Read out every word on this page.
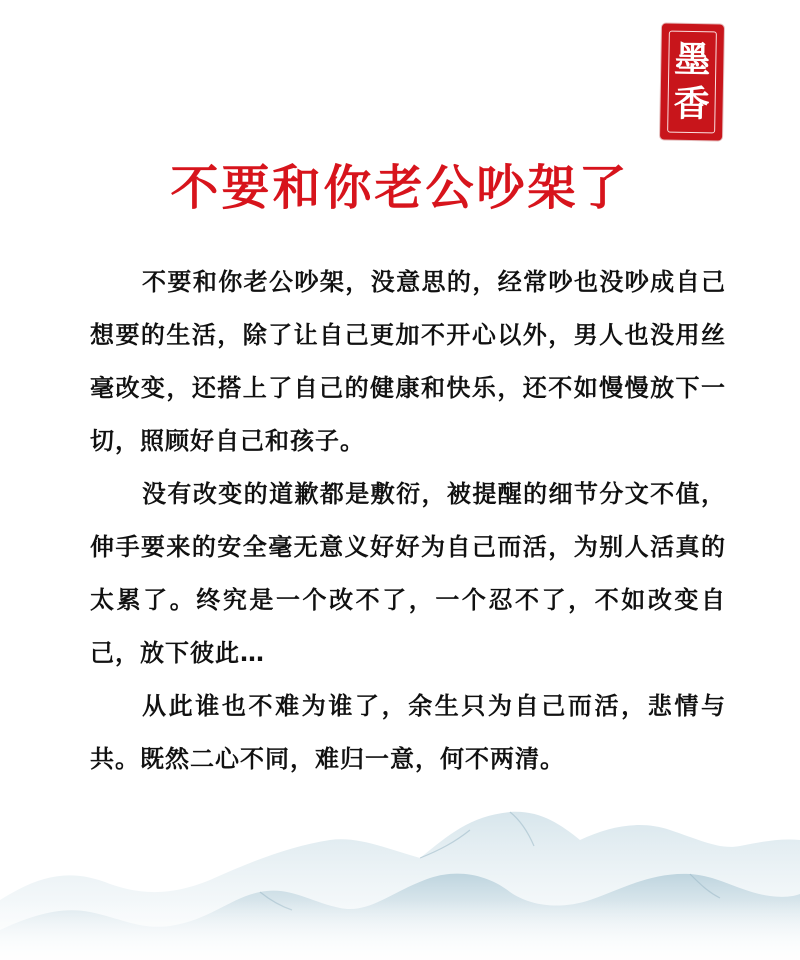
墨
香
不要和你老公吵架了

不要和你老公吵架，没意思的，经常吵也没吵成自己想要的生活，除了让自己更加不开心以外，男人也没用丝毫改变，还搭上了自己的健康和快乐，还不如慢慢放下一切，照顾好自己和孩子。

没有改变的道歉都是敷衍，被提醒的细节分文不值，伸手要来的安全毫无意义好好为自己而活，为别人活真的太累了。终究是一个改不了，一个忍不了，不如改变自己，放下彼此…

从此谁也不难为谁了，余生只为自己而活，悲情与共。既然二心不同，难归一意，何不两清。
